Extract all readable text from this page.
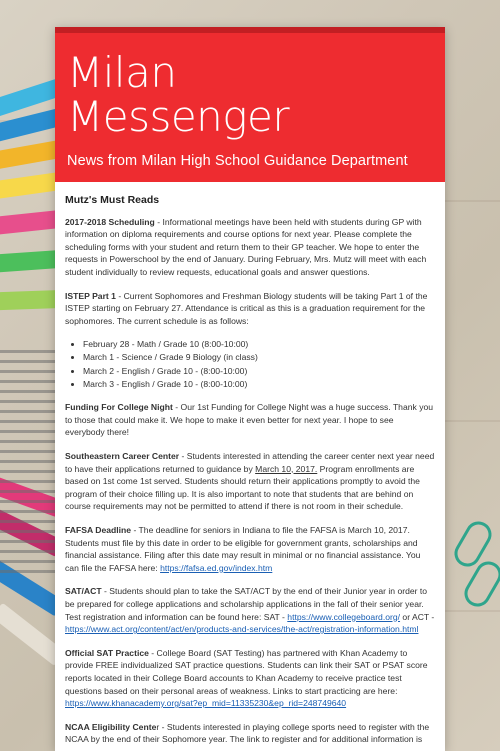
Milan
Messenger
News from Milan High School Guidance Department
Mutz's Must Reads

2017-2018 Scheduling - Informational meetings have been held with students during GP with information on diploma requirements and course options for next year. Please complete the scheduling forms with your student and return them to their GP teacher. We hope to enter the requests in Powerschool by the end of January. During February, Mrs. Mutz will meet with each student individually to review requests, educational goals and answer questions.

ISTEP Part 1 - Current Sophomores and Freshman Biology students will be taking Part 1 of the ISTEP starting on February 27. Attendance is critical as this is a graduation requirement for the sophomores. The current schedule is as follows:

• February 28 - Math / Grade 10 (8:00-10:00)
• March 1 - Science / Grade 9 Biology (in class)
• March 2 - English / Grade 10 - (8:00-10:00)
• March 3 - English / Grade 10 - (8:00-10:00)

Funding For College Night - Our 1st Funding for College Night was a huge success. Thank you to those that could make it. We hope to make it even better for next year. I hope to see everybody there!

Southeastern Career Center - Students interested in attending the career center next year need to have their applications returned to guidance by March 10, 2017. Program enrollments are based on 1st come 1st served. Students should return their applications promptly to avoid the program of their choice filling up. It is also important to note that students that are behind on course requirements may not be permitted to attend if there is not room in their schedule.

FAFSA Deadline - The deadline for seniors in Indiana to file the FAFSA is March 10, 2017. Students must file by this date in order to be eligible for government grants, scholarships and financial assistance. Filing after this date may result in minimal or no financial assistance. You can file the FAFSA here: https://fafsa.ed.gov/index.htm

SAT/ACT - Students should plan to take the SAT/ACT by the end of their Junior year in order to be prepared for college applications and scholarship applications in the fall of their senior year. Test registration and information can be found here: SAT - https://www.collegeboard.org/ or ACT - https://www.act.org/content/act/en/products-and-services/the-act/registration-information.html

Official SAT Practice - College Board (SAT Testing) has partnered with Khan Academy to provide FREE individualized SAT practice questions. Students can link their SAT or PSAT score reports located in their College Board accounts to Khan Academy to receive practice test questions based on their personal areas of weakness. Links to start practicing are here:
https://www.khanacademy.org/sat?ep_mid=11335230&ep_rid=248749640

NCAA Eligibility Center - Students interested in playing college sports need to register with the NCAA by the end of their Sophomore year. The link to register and for additional information is
